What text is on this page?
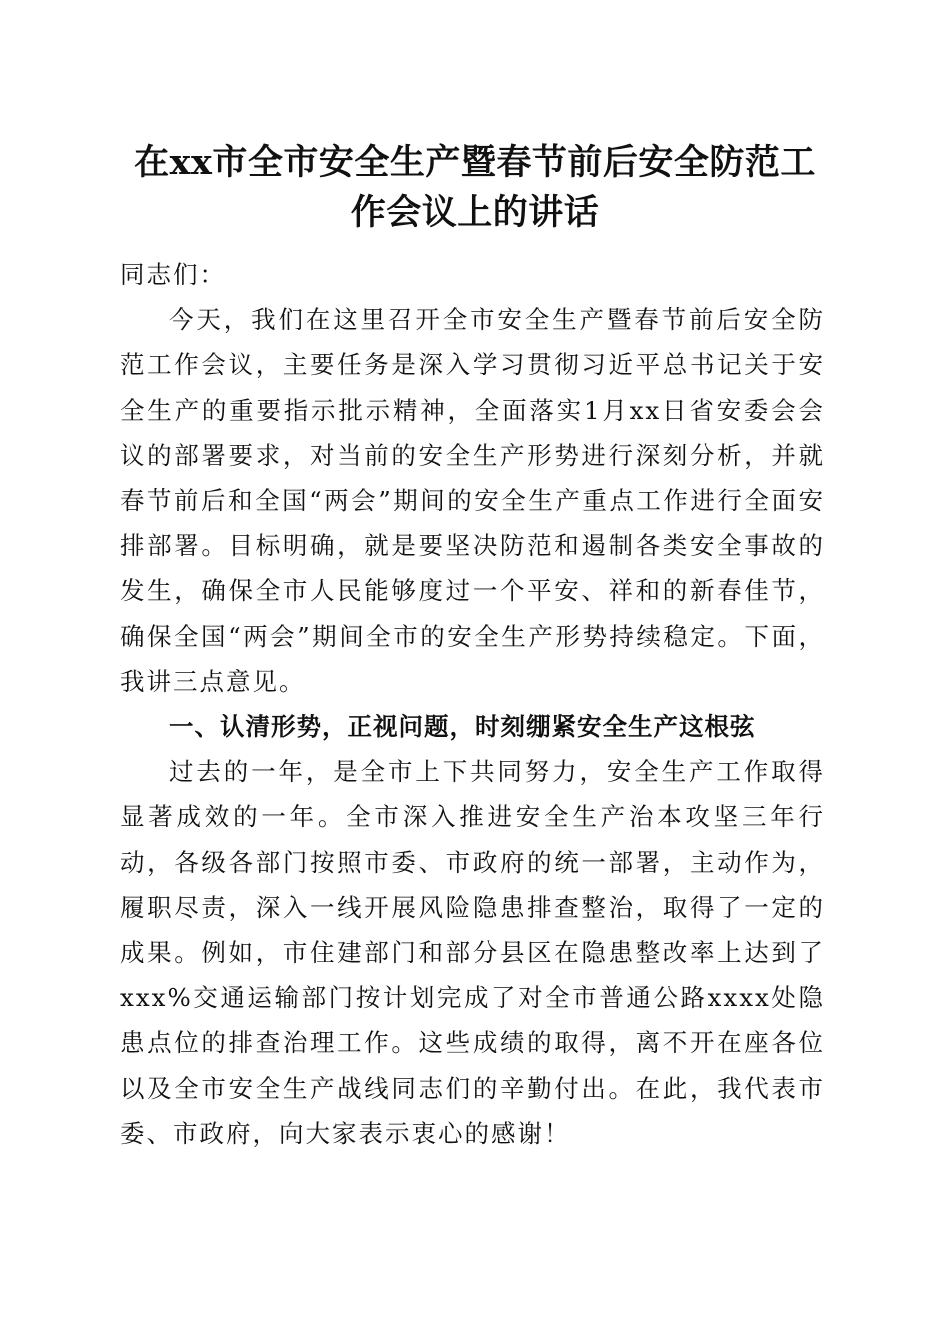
在xx市全市安全生产暨春节前后安全防范工
作会议上的讲话

同志们：

今天，我们在这里召开全市安全生产暨春节前后安全防范工作会议，主要任务是深入学习贯彻习近平总书记关于安全生产的重要指示批示精神，全面落实1月xx日省安委会会议的部署要求，对当前的安全生产形势进行深刻分析，并就春节前后和全国“两会”期间的安全生产重点工作进行全面安排部署。目标明确，就是要坚决防范和遏制各类安全事故的发生，确保全市人民能够度过一个平安、祥和的新春佳节，确保全国“两会”期间全市的安全生产形势持续稳定。下面，我讲三点意见。

一、认清形势，正视问题，时刻绷紧安全生产这根弦

过去的一年，是全市上下共同努力，安全生产工作取得显著成效的一年。全市深入推进安全生产治本攻坚三年行动，各级各部门按照市委、市政府的统一部署，主动作为，履职尽责，深入一线开展风险隐患排查整治，取得了一定的成果。例如，市住建部门和部分县区在隐患整改率上达到了xxx%交通运输部门按计划完成了对全市普通公路xxxx处隐患点位的排查治理工作。这些成绩的取得，离不开在座各位以及全市安全生产战线同志们的辛勤付出。在此，我代表市委、市政府，向大家表示衷心的感谢！
